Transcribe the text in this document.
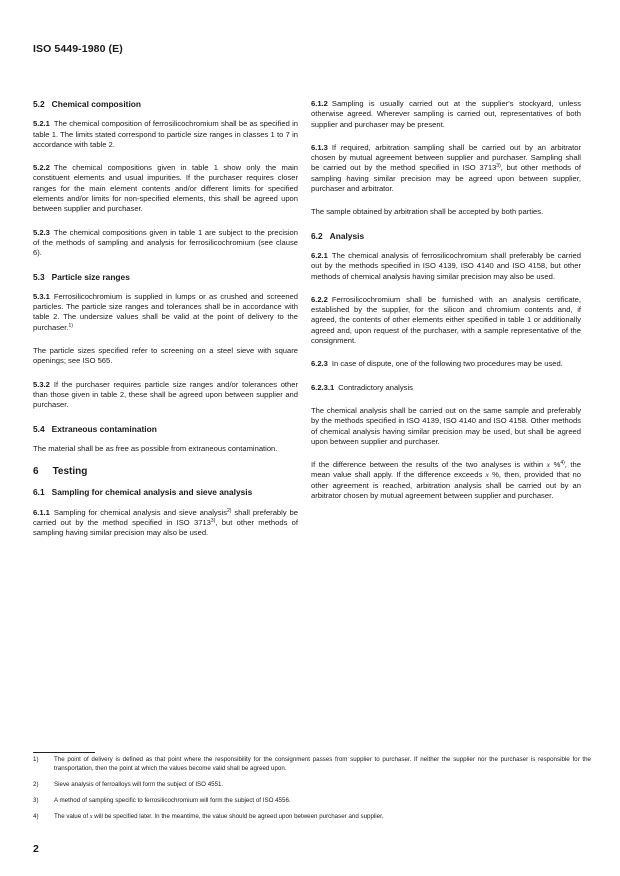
ISO 5449-1980 (E)
5.2 Chemical composition

5.2.1 The chemical composition of ferrosilicochromium shall be as specified in table 1. The limits stated correspond to particle size ranges in classes 1 to 7 in accordance with table 2.

5.2.2 The chemical compositions given in table 1 show only the main constituent elements and usual impurities. If the purchaser requires closer ranges for the main element contents and/or different limits for specified elements and/or limits for non-specified elements, this shall be agreed upon between supplier and purchaser.

5.2.3 The chemical compositions given in table 1 are subject to the precision of the methods of sampling and analysis for ferrosilicochromium (see clause 6).

5.3 Particle size ranges

5.3.1 Ferrosilicochromium is supplied in lumps or as crushed and screened particles. The particle size ranges and tolerances shall be in accordance with table 2. The undersize values shall be valid at the point of delivery to the purchaser.$^{1)}$

The particle sizes specified refer to screening on a steel sieve with square openings; see ISO 565.

5.3.2 If the purchaser requires particle size ranges and/or tolerances other than those given in table 2, these shall be agreed upon between supplier and purchaser.

5.4 Extraneous contamination

The material shall be as free as possible from extraneous contamination.

6 Testing
6.1 Sampling for chemical analysis and sieve analysis

6.1.1 Sampling for chemical analysis and sieve analysis$^{2)}$ shall preferably be carried out by the method specified in ISO 3713$^{3)}$, but other methods of sampling having similar precision may also be used.

6.1.2 Sampling is usually carried out at the supplier's stockyard, unless otherwise agreed. Wherever sampling is carried out, representatives of both supplier and purchaser may be present.

6.1.3 If required, arbitration sampling shall be carried out by an arbitrator chosen by mutual agreement between supplier and purchaser. Sampling shall be carried out by the method specified in ISO 3713$^{3)}$, but other methods of sampling having similar precision may be agreed upon between supplier, purchaser and arbitrator.

The sample obtained by arbitration shall be accepted by both parties.

6.2 Analysis

6.2.1 The chemical analysis of ferrosilicochromium shall preferably be carried out by the methods specified in ISO 4139, ISO 4140 and ISO 4158, but other methods of chemical analysis having similar precision may also be used.

6.2.2 Ferrosilicochromium shall be furnished with an analysis certificate, established by the supplier, for the silicon and chromium contents and, if agreed, the contents of other elements either specified in table 1 or additionally agreed and, upon request of the purchaser, with a sample representative of the consignment.

6.2.3 In case of dispute, one of the following two procedures may be used.

6.2.3.1 Contradictory analysis

The chemical analysis shall be carried out on the same sample and preferably by the methods specified in ISO 4139, ISO 4140 and ISO 4158. Other methods of chemical analysis having similar precision may be used, but shall be agreed upon between supplier and purchaser.

If the difference between the results of the two analyses is within x %$^{4)}$, the mean value shall apply. If the difference exceeds x %, then, provided that no other agreement is reached, arbitration analysis shall be carried out by an arbitrator chosen by mutual agreement between supplier and purchaser.

1) The point of delivery is defined as that point where the responsibility for the consignment passes from supplier to purchaser. If neither the supplier nor the purchaser is responsible for the transportation, then the point at which the values become valid shall be agreed upon.
2) Sieve analysis of ferroalloys will form the subject of ISO 4551.
3) A method of sampling specific to ferrosilicochromium will form the subject of ISO 4556.
4) The value of x will be specified later. In the meantime, the value should be agreed upon between purchaser and supplier.
2
